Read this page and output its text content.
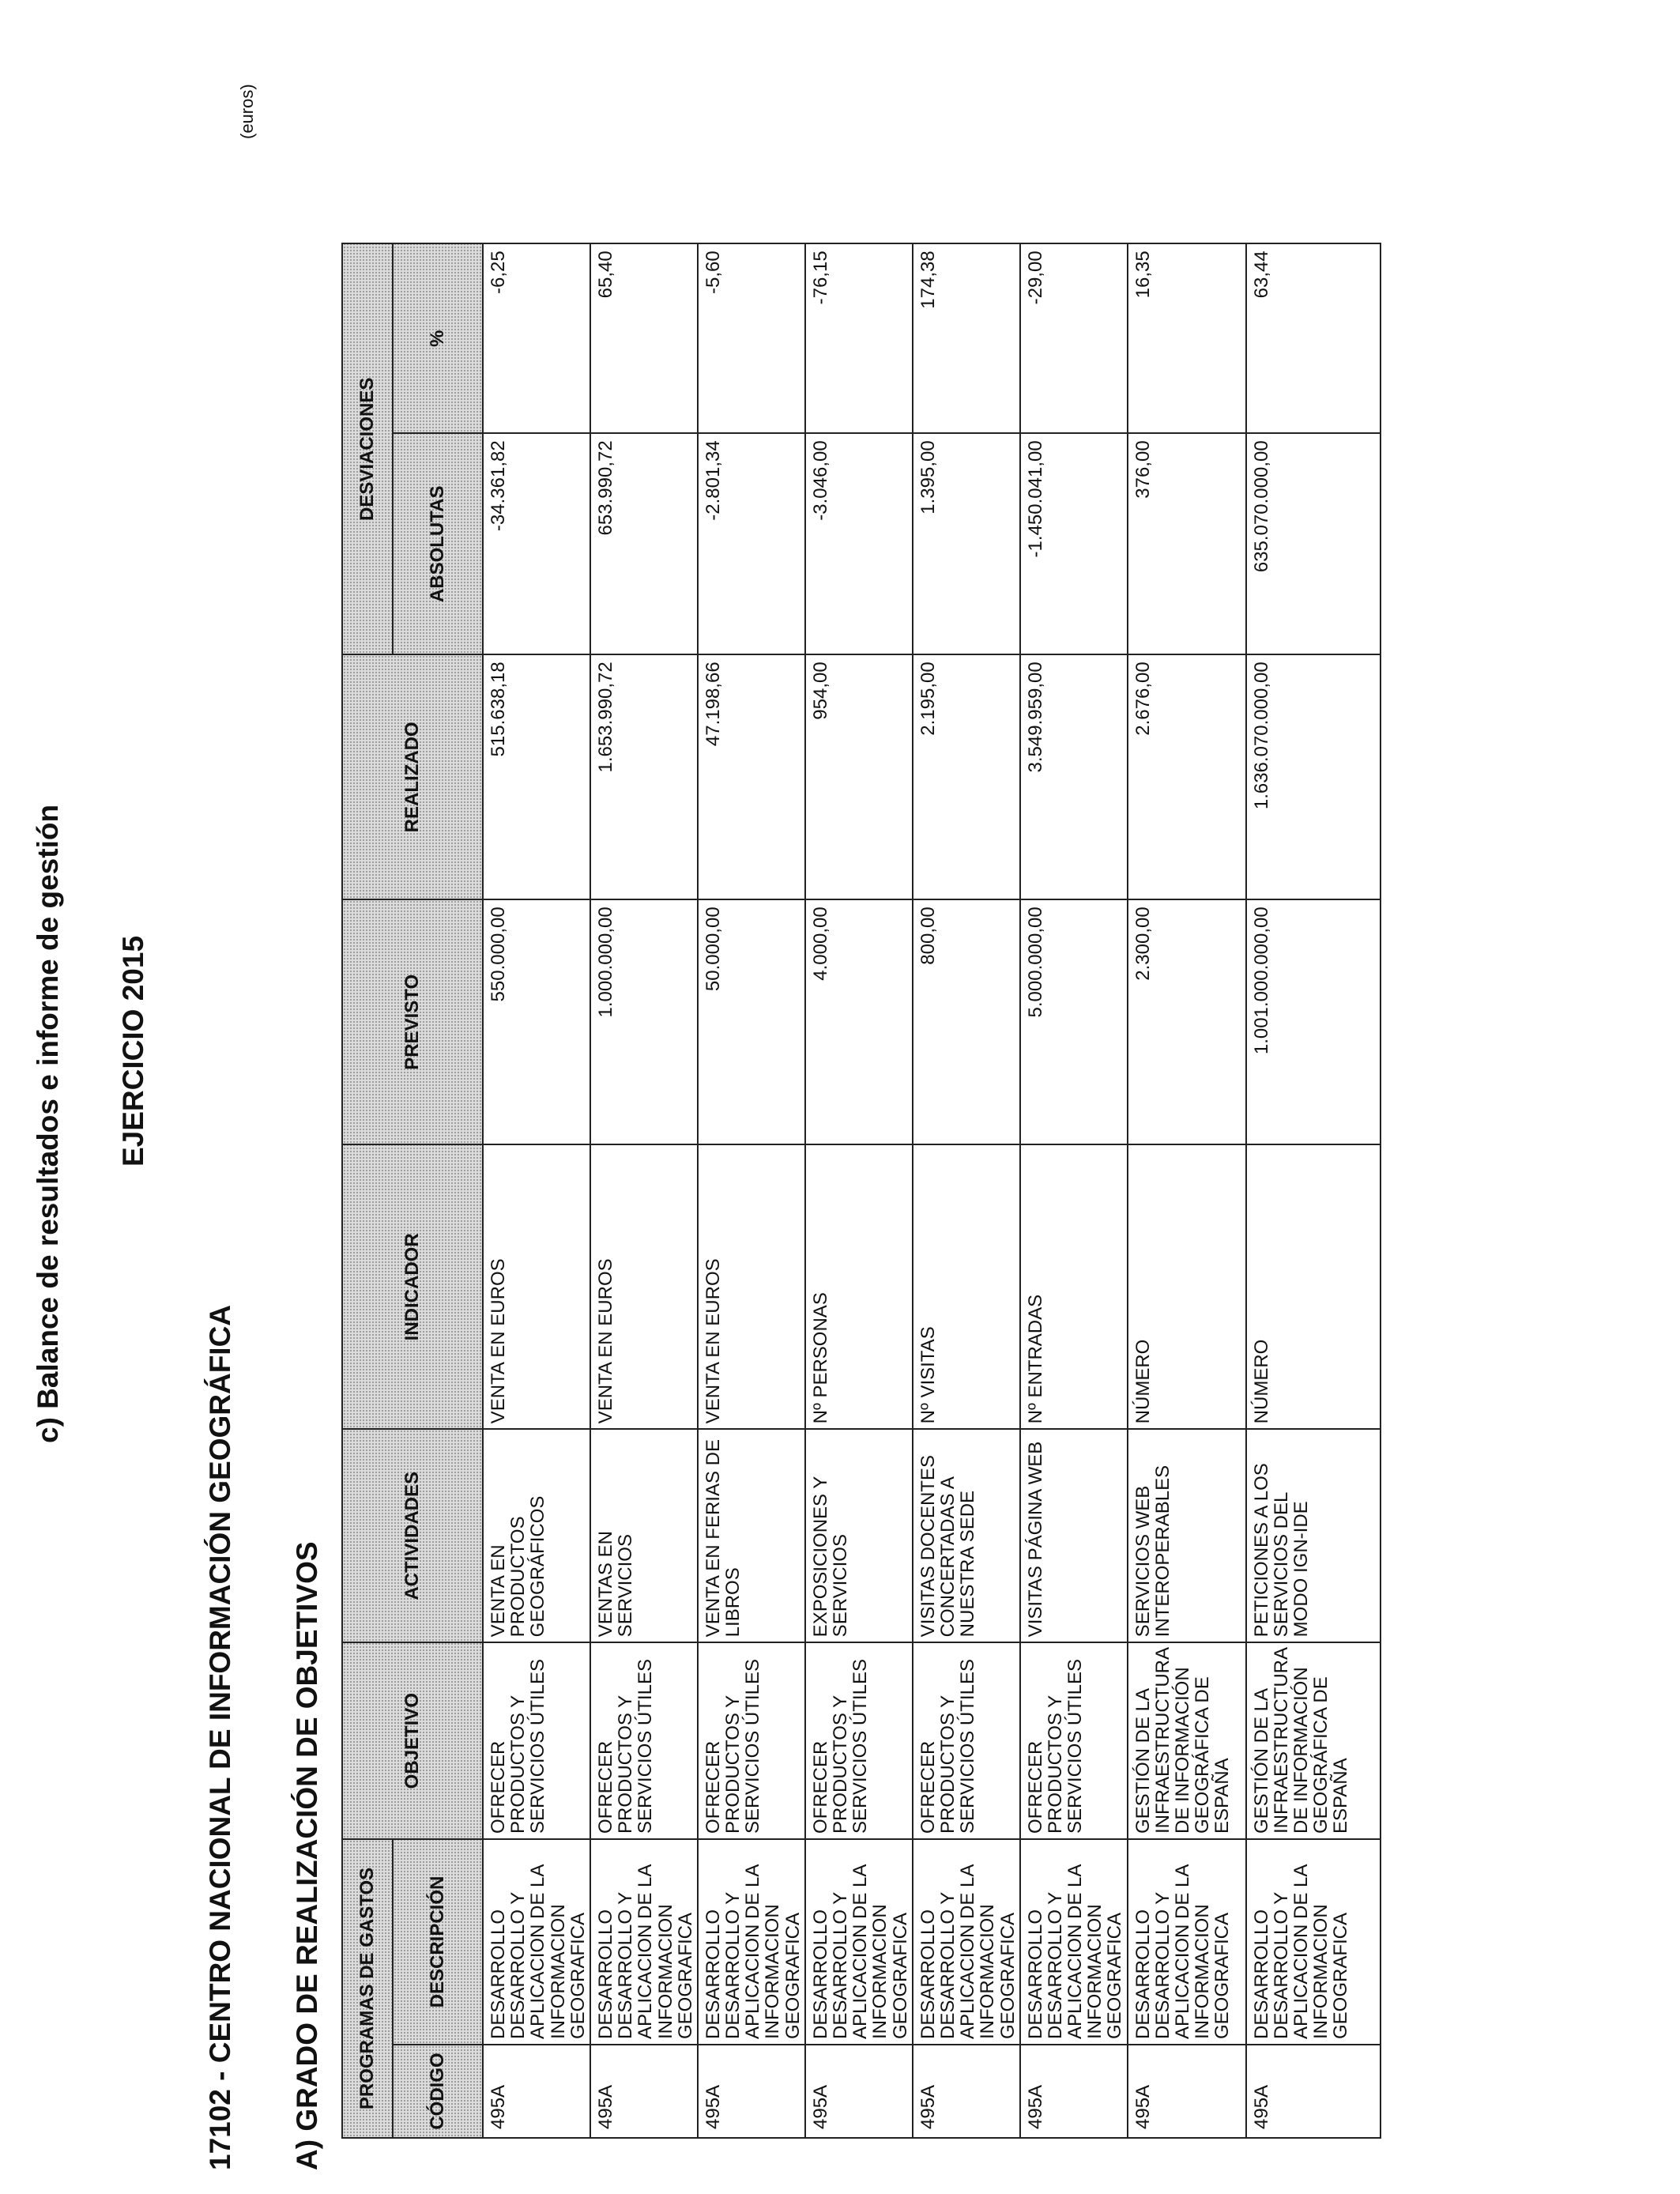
c) Balance de resultados e informe de gestión EJERCICIO 2015
17102 - CENTRO NACIONAL DE INFORMACIÓN GEOGRÁFICA A) GRADO DE REALIZACIÓN DE OBJETIVOS
(euros)
PROGRAMAS DE GASTOS		OBJETIVO	ACTIVIDADES	INDICADOR	PREVISTO	REALIZADO	DESVIACIONES	
CÓDIGO	DESCRIPCIÓN						ABSOLUTAS	%
495A	DESARROLLO DESARROLLO Y APLICACION DE LA INFORMACION GEOGRAFICA	OFRECER PRODUCTOS Y SERVICIOS ÚTILES	VENTA EN PRODUCTOS GEOGRÁFICOS	VENTA EN EUROS	550.000,00	515.638,18	-34.361,82	-6,25
495A	DESARROLLO DESARROLLO Y APLICACION DE LA INFORMACION GEOGRAFICA	OFRECER PRODUCTOS Y SERVICIOS ÚTILES	VENTAS EN SERVICIOS	VENTA EN EUROS	1.000.000,00	1.653.990,72	653.990,72	65,40
495A	DESARROLLO DESARROLLO Y APLICACION DE LA INFORMACION GEOGRAFICA	OFRECER PRODUCTOS Y SERVICIOS ÚTILES	VENTA EN FERIAS DE LIBROS	VENTA EN EUROS	50.000,00	47.198,66	-2.801,34	-5,60
495A	DESARROLLO DESARROLLO Y APLICACION DE LA INFORMACION GEOGRAFICA	OFRECER PRODUCTOS Y SERVICIOS ÚTILES	EXPOSICIONES Y SERVICIOS	Nº PERSONAS	4.000,00	954,00	-3.046,00	-76,15
495A	DESARROLLO DESARROLLO Y APLICACION DE LA INFORMACION GEOGRAFICA	OFRECER PRODUCTOS Y SERVICIOS ÚTILES	VISITAS DOCENTES CONCERTADAS A NUESTRA SEDE	Nº VISITAS	800,00	2.195,00	1.395,00	174,38
495A	DESARROLLO DESARROLLO Y APLICACION DE LA INFORMACION GEOGRAFICA	OFRECER PRODUCTOS Y SERVICIOS ÚTILES	VISITAS PÁGINA WEB	Nº ENTRADAS	5.000.000,00	3.549.959,00	-1.450.041,00	-29,00
495A	DESARROLLO DESARROLLO Y APLICACION DE LA INFORMACION GEOGRAFICA	GESTIÓN DE LA INFRAESTRUCTURA DE INFORMACIÓN GEOGRÁFICA DE ESPAÑA	SERVICIOS WEB INTEROPERABLES	NÚMERO	2.300,00	2.676,00	376,00	16,35
495A	DESARROLLO DESARROLLO Y APLICACION DE LA INFORMACION GEOGRAFICA	GESTIÓN DE LA INFRAESTRUCTURA DE INFORMACIÓN GEOGRÁFICA DE ESPAÑA	PETICIONES A LOS SERVICIOS DEL MODO IGN-IDE	NÚMERO	1.001.000.000,00	1.636.070.000,00	635.070.000,00	63,44
